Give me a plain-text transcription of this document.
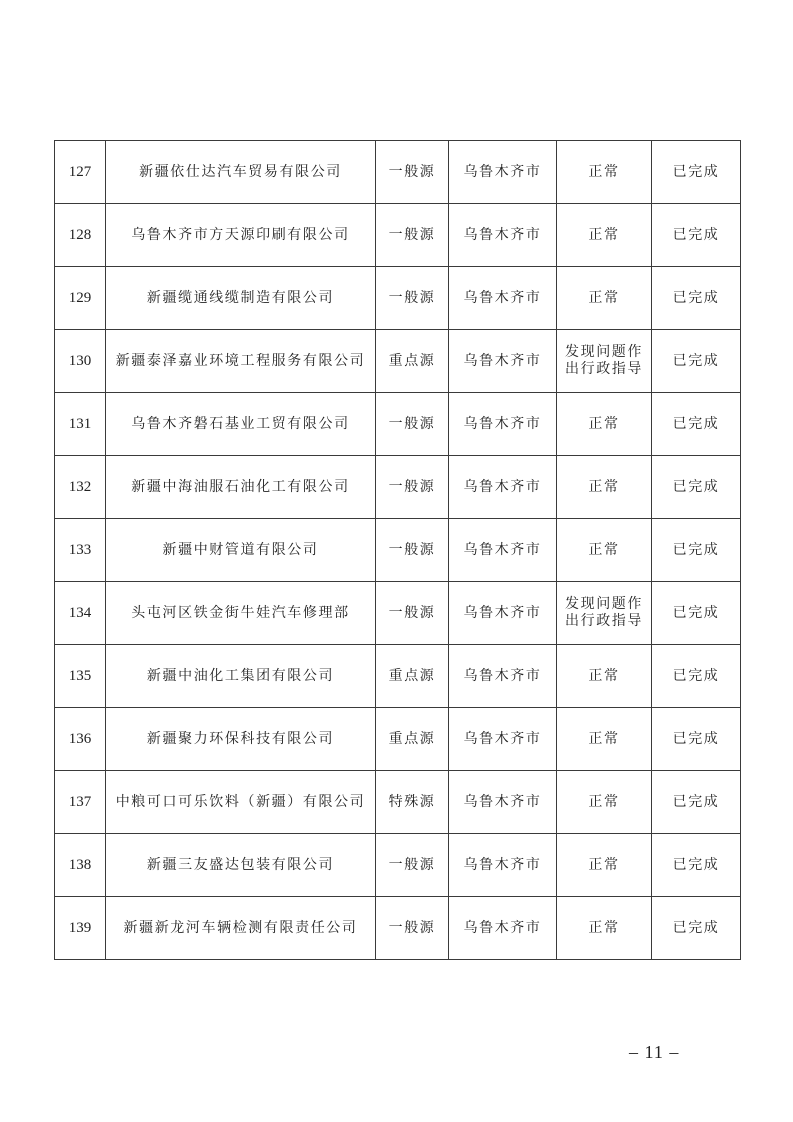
127	新疆依仕达汽车贸易有限公司	一般源	乌鲁木齐市	正常	已完成
128	乌鲁木齐市方天源印刷有限公司	一般源	乌鲁木齐市	正常	已完成
129	新疆缆通线缆制造有限公司	一般源	乌鲁木齐市	正常	已完成
130	新疆泰泽嘉业环境工程服务有限公司	重点源	乌鲁木齐市	发现问题作出行政指导	已完成
131	乌鲁木齐磐石基业工贸有限公司	一般源	乌鲁木齐市	正常	已完成
132	新疆中海油服石油化工有限公司	一般源	乌鲁木齐市	正常	已完成
133	新疆中财管道有限公司	一般源	乌鲁木齐市	正常	已完成
134	头屯河区铁金街牛娃汽车修理部	一般源	乌鲁木齐市	发现问题作出行政指导	已完成
135	新疆中油化工集团有限公司	重点源	乌鲁木齐市	正常	已完成
136	新疆聚力环保科技有限公司	重点源	乌鲁木齐市	正常	已完成
137	中粮可口可乐饮料（新疆）有限公司	特殊源	乌鲁木齐市	正常	已完成
138	新疆三友盛达包装有限公司	一般源	乌鲁木齐市	正常	已完成
139	新疆新龙河车辆检测有限责任公司	一般源	乌鲁木齐市	正常	已完成
– 11 –
